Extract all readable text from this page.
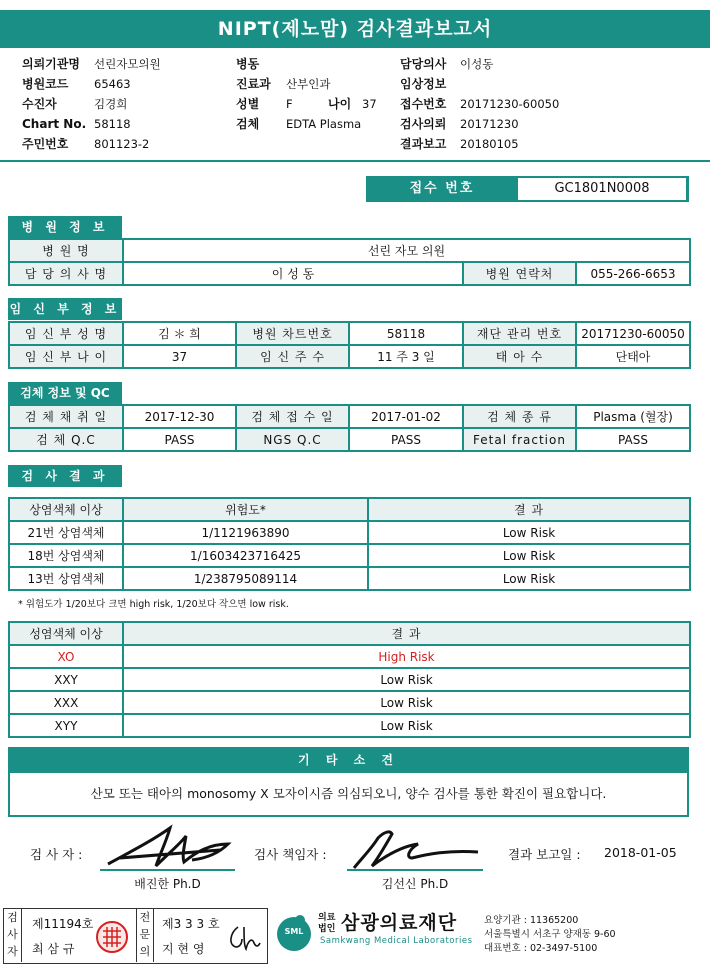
NIPT(제노맘) 검사결과보고서
의뢰기관명 선린자모의원
병원코드 65463
수진자	김경희
Chart No. 58118
주민번호 801123-2
병동
진료과 산부인과
성별 F	나이 37
검체 EDTA Plasma
담당의사 이성동
임상정보
접수번호 20171230-60050
검사의뢰 20171230
결과보고 20180105
접수 번호	GC1801N0008
병 원 정 보
병 원 명	선린 자모 의원		
담 당 의 사 명	이 성 동	병원 연락처	055-266-6653
임 신 부 정 보
임 신 부 성 명	김 ＊ 희	병원 차트번호	58118	재단 관리 번호	20171230-60050
임 신 부 나 이	37	임 신 주 수	11 주 3 일	태 아 수	단태아
검체 정보 및 QC
검 체 채 취 일	2017-12-30	검 체 접 수 일	2017-01-02	검 체 종 류	Plasma (혈장)
검 체 Q.C	PASS	NGS Q.C	PASS	Fetal fraction	PASS
검 사 결 과
상염색체 이상	위험도*	결 과
21번 상염색체	1/1121963890	Low Risk
18번 상염색체	1/1603423716425	Low Risk
13번 상염색체	1/238795089114	Low Risk
* 위험도가 1/20보다 크면 high risk, 1/20보다 작으면 low risk.
성염색체 이상	결 과
XO	High Risk
XXY	Low Risk
XXX	Low Risk
XYY	Low Risk
기 타 소 견
산모 또는 태아의 monosomy X 모자이시즘 의심되오니, 양수 검사를 통한 확진이 필요합니다.
검 사 자 :
배진한 Ph.D
검사 책임자 :
김선신 Ph.D
결과 보고일 : 2018-01-05
검
사
자
제11194호
최 삼 규
전
문
의
제3 3 3 호
지 현 영
SML
의료
법인 삼광의료재단
Samkwang Medical Laboratories
요양기관 : 11365200
서울특별시 서초구 양재동 9-60
대표번호 : 02-3497-5100
